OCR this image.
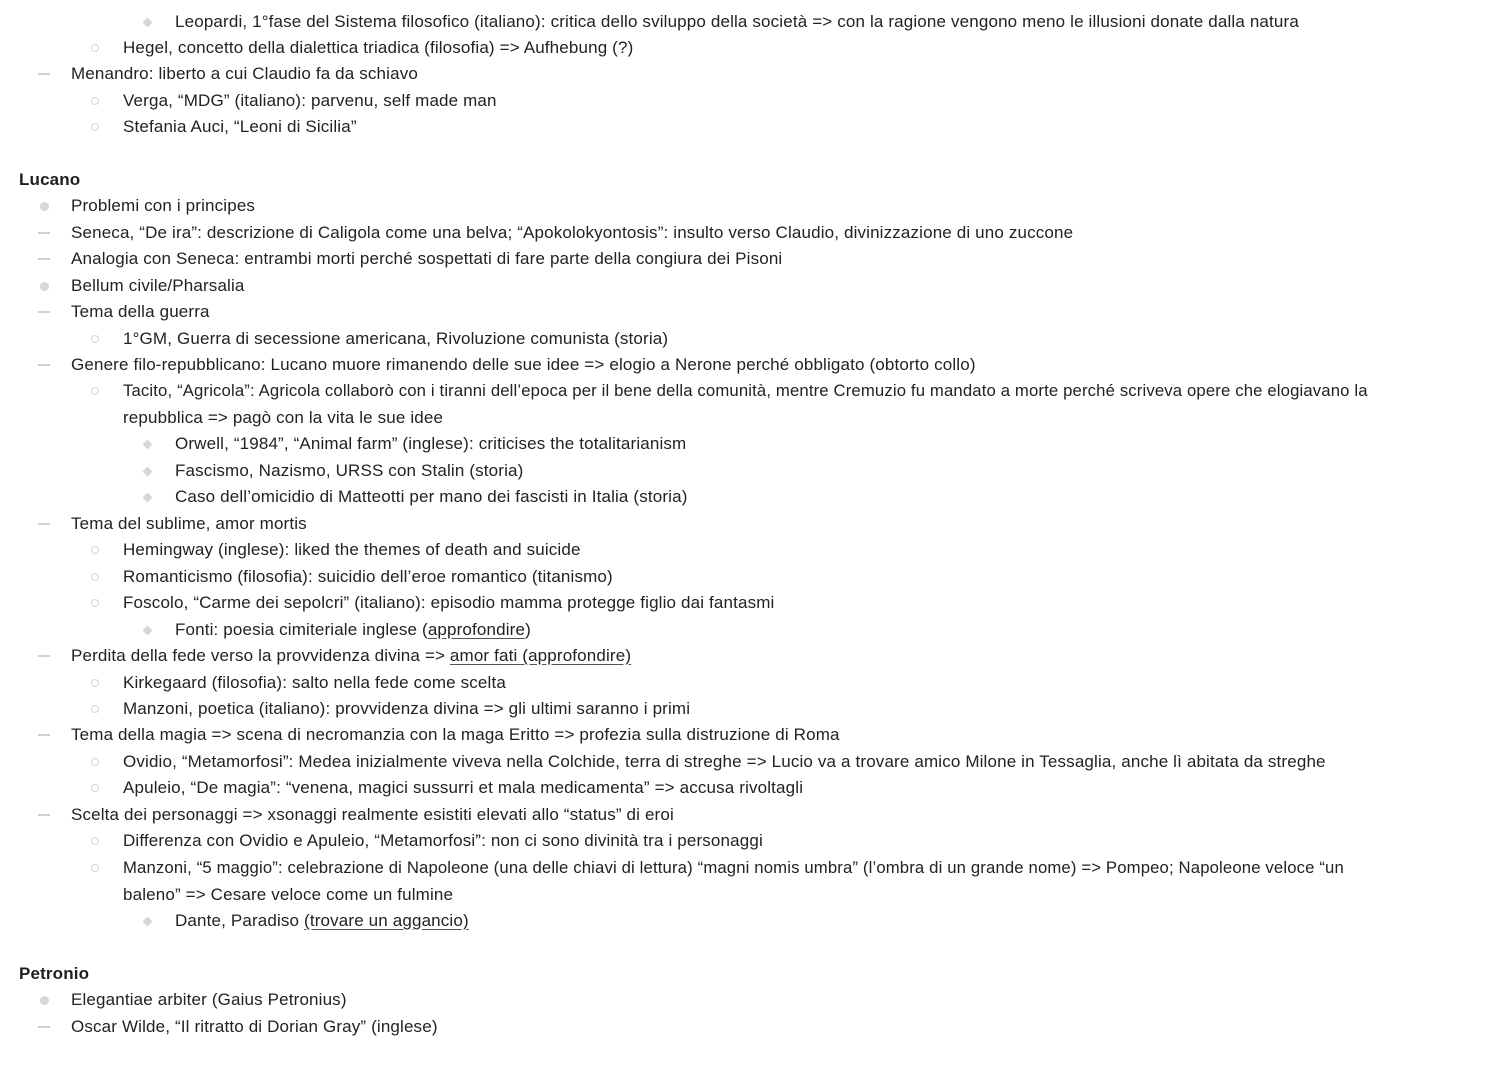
Leopardi, 1°fase del Sistema filosofico (italiano): critica dello sviluppo della società => con la ragione vengono meno le illusioni donate dalla natura
Hegel, concetto della dialettica triadica (filosofia) => Aufhebung (?)
Menandro: liberto a cui Claudio fa da schiavo
Verga, “MDG” (italiano): parvenu, self made man
Stefania Auci, “Leoni di Sicilia”
Lucano
Problemi con i principes
Seneca, “De ira”: descrizione di Caligola come una belva; “Apokolokyontosis”: insulto verso Claudio, divinizzazione di uno zuccone
Analogia con Seneca: entrambi morti perché sospettati di fare parte della congiura dei Pisoni
Bellum civile/Pharsalia
Tema della guerra
1°GM, Guerra di secessione americana, Rivoluzione comunista (storia)
Genere filo-repubblicano: Lucano muore rimanendo delle sue idee => elogio a Nerone perché obbligato (obtorto collo)
Tacito, “Agricola”: Agricola collaborò con i tiranni dell’epoca per il bene della comunità, mentre Cremuzio fu mandato a morte perché scriveva opere che elogiavano la
repubblica => pagò con la vita le sue idee
Orwell, “1984”, “Animal farm” (inglese): criticises the totalitarianism
Fascismo, Nazismo, URSS con Stalin (storia)
Caso dell’omicidio di Matteotti per mano dei fascisti in Italia (storia)
Tema del sublime, amor mortis
Hemingway (inglese): liked the themes of death and suicide
Romanticismo (filosofia): suicidio dell’eroe romantico (titanismo)
Foscolo, “Carme dei sepolcri” (italiano): episodio mamma protegge figlio dai fantasmi
Fonti: poesia cimiteriale inglese (approfondire)
Perdita della fede verso la provvidenza divina => amor fati (approfondire)
Kirkegaard (filosofia): salto nella fede come scelta
Manzoni, poetica (italiano): provvidenza divina => gli ultimi saranno i primi
Tema della magia => scena di necromanzia con la maga Eritto => profezia sulla distruzione di Roma
Ovidio, “Metamorfosi”: Medea inizialmente viveva nella Colchide, terra di streghe => Lucio va a trovare amico Milone in Tessaglia, anche lì abitata da streghe
Apuleio, “De magia”: “venena, magici sussurri et mala medicamenta” => accusa rivoltagli
Scelta dei personaggi => xsonaggi realmente esistiti elevati allo “status” di eroi
Differenza con Ovidio e Apuleio, “Metamorfosi”: non ci sono divinità tra i personaggi
Manzoni, “5 maggio”: celebrazione di Napoleone (una delle chiavi di lettura) “magni nomis umbra” (l’ombra di un grande nome) => Pompeo; Napoleone veloce “un
baleno” => Cesare veloce come un fulmine
Dante, Paradiso (trovare un aggancio)
Petronio
Elegantiae arbiter (Gaius Petronius)
Oscar Wilde, “Il ritratto di Dorian Gray” (inglese)
